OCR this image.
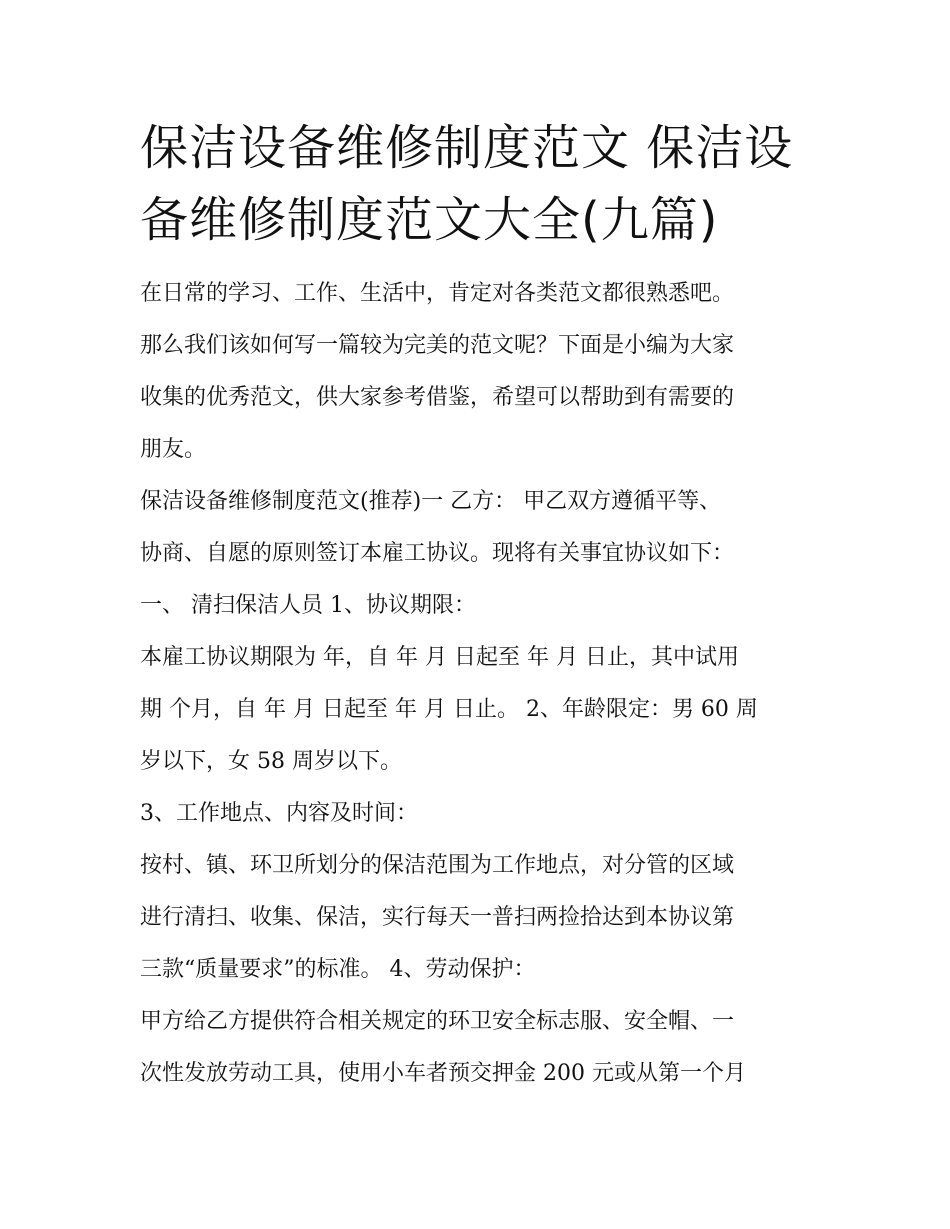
保洁设备维修制度范文 保洁设
备维修制度范文大全(九篇)

在日常的学习、工作、生活中，肯定对各类范文都很熟悉吧。
那么我们该如何写一篇较为完美的范文呢？下面是小编为大家
收集的优秀范文，供大家参考借鉴，希望可以帮助到有需要的
朋友。

保洁设备维修制度范文(推荐)一 乙方： 甲乙双方遵循平等、
协商、自愿的原则签订本雇工协议。现将有关事宜协议如下：

一、 清扫保洁人员 1、协议期限：

本雇工协议期限为 年，自 年 月 日起至 年 月 日止，其中试用
期 个月，自 年 月 日起至 年 月 日止。 2、年龄限定：男 60 周
岁以下，女 58 周岁以下。

3、工作地点、内容及时间：

按村、镇、环卫所划分的保洁范围为工作地点，对分管的区域
进行清扫、收集、保洁，实行每天一普扫两捡拾达到本协议第
三款“质量要求”的标准。 4、劳动保护：

甲方给乙方提供符合相关规定的环卫安全标志服、安全帽、一
次性发放劳动工具，使用小车者预交押金 200 元或从第一个月
